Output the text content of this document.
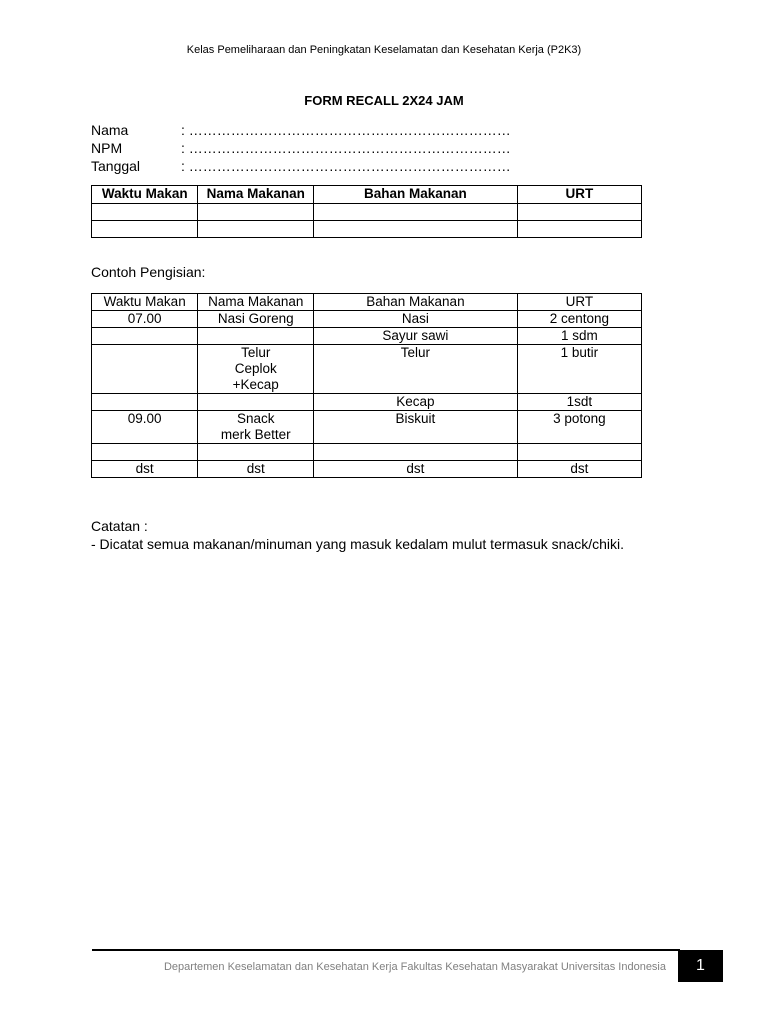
Kelas Pemeliharaan dan Peningkatan Keselamatan dan Kesehatan Kerja (P2K3)
FORM RECALL 2X24 JAM
Nama	: ……………………………………………………………
NPM	: ……………………………………………………………
Tanggal	: ……………………………………………………………
Waktu Makan	Nama Makanan	Bahan Makanan	URT

Contoh Pengisian:
Waktu Makan	Nama Makanan	Bahan Makanan	URT
07.00	Nasi Goreng	Nasi	2 centong
		Sayur sawi	1 sdm
	Telur Ceplok +Kecap	Telur	1 butir
		Kecap	1sdt
09.00	Snack merk Better	Biskuit	3 potong

dst	dst	dst	dst
Catatan :
- Dicatat semua makanan/minuman yang masuk kedalam mulut termasuk snack/chiki.
Departemen Keselamatan dan Kesehatan Kerja Fakultas Kesehatan Masyarakat Universitas Indonesia	1
